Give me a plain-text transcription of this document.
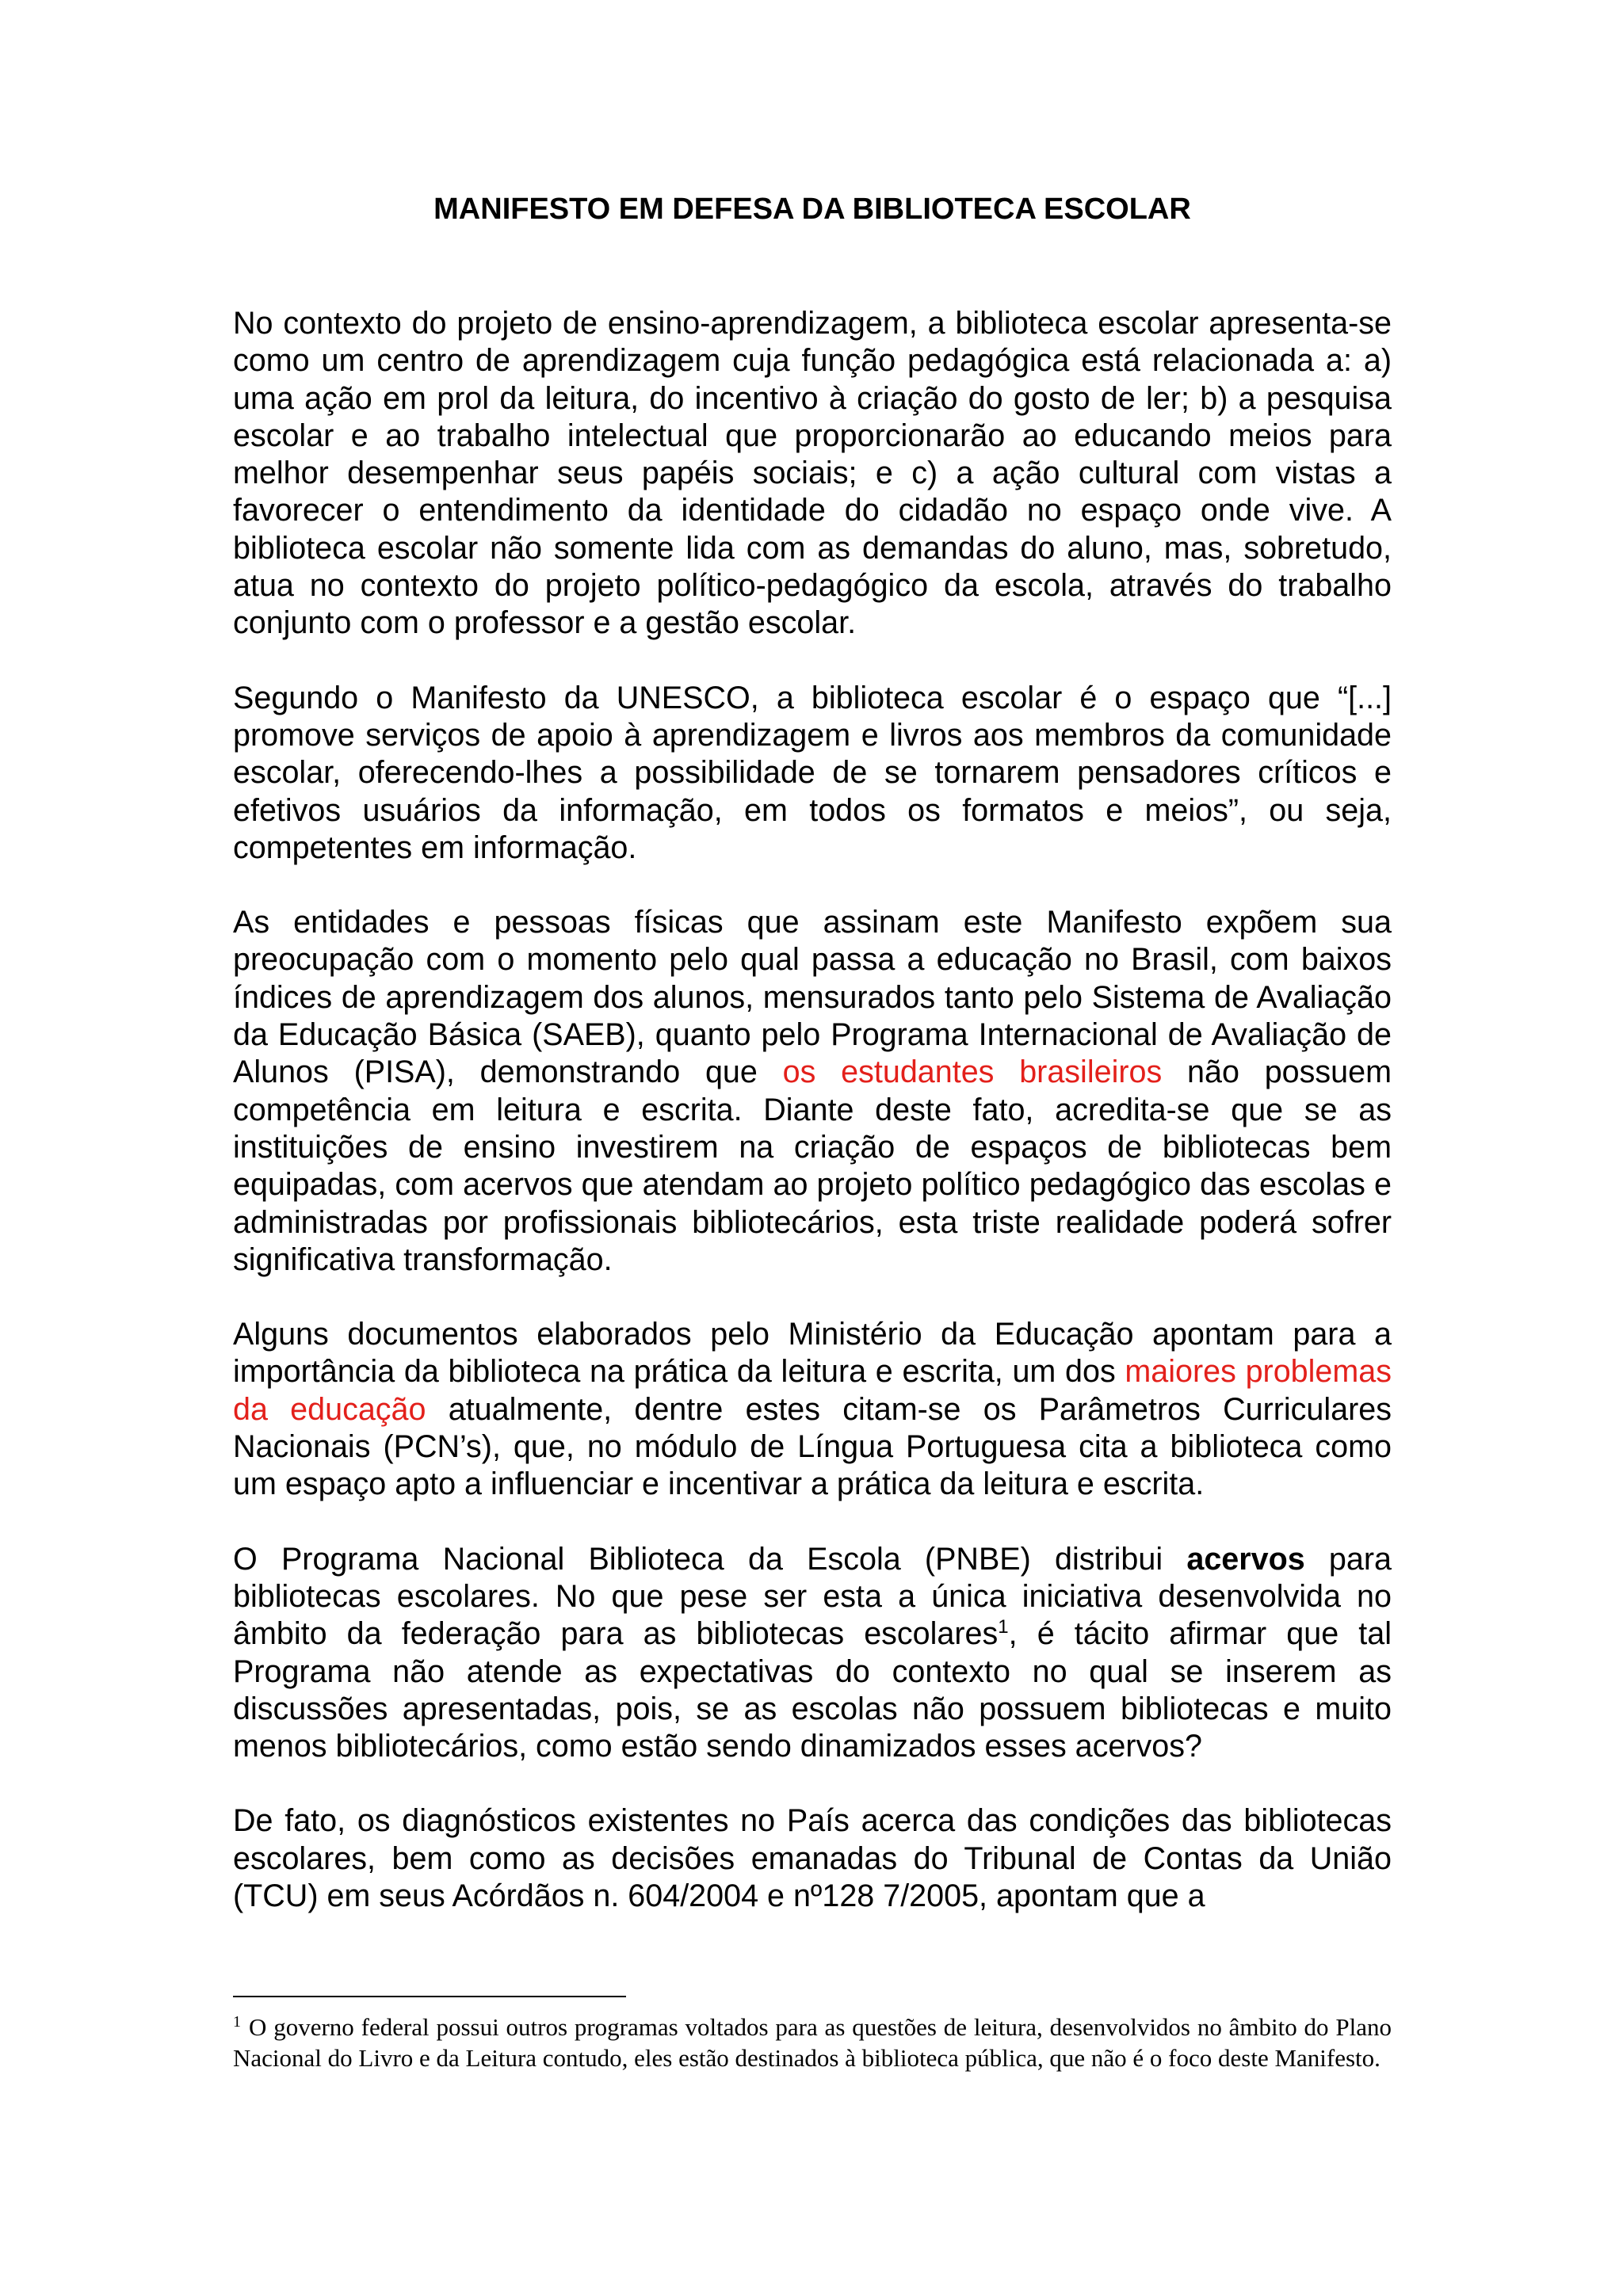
MANIFESTO EM DEFESA DA BIBLIOTECA ESCOLAR

No contexto do projeto de ensino-aprendizagem, a biblioteca escolar apresenta-se como um centro de aprendizagem cuja função pedagógica está relacionada a: a) uma ação em prol da leitura, do incentivo à criação do gosto de ler; b) a pesquisa escolar e ao trabalho intelectual que proporcionarão ao educando meios para melhor desempenhar seus papéis sociais; e c) a ação cultural com vistas a favorecer o entendimento da identidade do cidadão no espaço onde vive. A biblioteca escolar não somente lida com as demandas do aluno, mas, sobretudo, atua no contexto do projeto político-pedagógico da escola, através do trabalho conjunto com o professor e a gestão escolar.

Segundo o Manifesto da UNESCO, a biblioteca escolar é o espaço que “[...] promove serviços de apoio à aprendizagem e livros aos membros da comunidade escolar, oferecendo-lhes a possibilidade de se tornarem pensadores críticos e efetivos usuários da informação, em todos os formatos e meios”, ou seja, competentes em informação.

As entidades e pessoas físicas que assinam este Manifesto expõem sua preocupação com o momento pelo qual passa a educação no Brasil, com baixos índices de aprendizagem dos alunos, mensurados tanto pelo Sistema de Avaliação da Educação Básica (SAEB), quanto pelo Programa Internacional de Avaliação de Alunos (PISA), demonstrando que os estudantes brasileiros não possuem competência em leitura e escrita. Diante deste fato, acredita-se que se as instituições de ensino investirem na criação de espaços de bibliotecas bem equipadas, com acervos que atendam ao projeto político pedagógico das escolas e administradas por profissionais bibliotecários, esta triste realidade poderá sofrer significativa transformação.

Alguns documentos elaborados pelo Ministério da Educação apontam para a importância da biblioteca na prática da leitura e escrita, um dos maiores problemas da educação atualmente, dentre estes citam-se os Parâmetros Curriculares Nacionais (PCN’s), que, no módulo de Língua Portuguesa cita a biblioteca como um espaço apto a influenciar e incentivar a prática da leitura e escrita.

O Programa Nacional Biblioteca da Escola (PNBE) distribui acervos para bibliotecas escolares. No que pese ser esta a única iniciativa desenvolvida no âmbito da federação para as bibliotecas escolares$^1$, é tácito afirmar que tal Programa não atende as expectativas do contexto no qual se inserem as discussões apresentadas, pois, se as escolas não possuem bibliotecas e muito menos bibliotecários, como estão sendo dinamizados esses acervos?

De fato, os diagnósticos existentes no País acerca das condições das bibliotecas escolares, bem como as decisões emanadas do Tribunal de Contas da União (TCU) em seus Acórdãos n. 604/2004 e nº128 7/2005, apontam que a

$^1$ O governo federal possui outros programas voltados para as questões de leitura, desenvolvidos no âmbito do Plano Nacional do Livro e da Leitura contudo, eles estão destinados à biblioteca pública, que não é o foco deste Manifesto.
